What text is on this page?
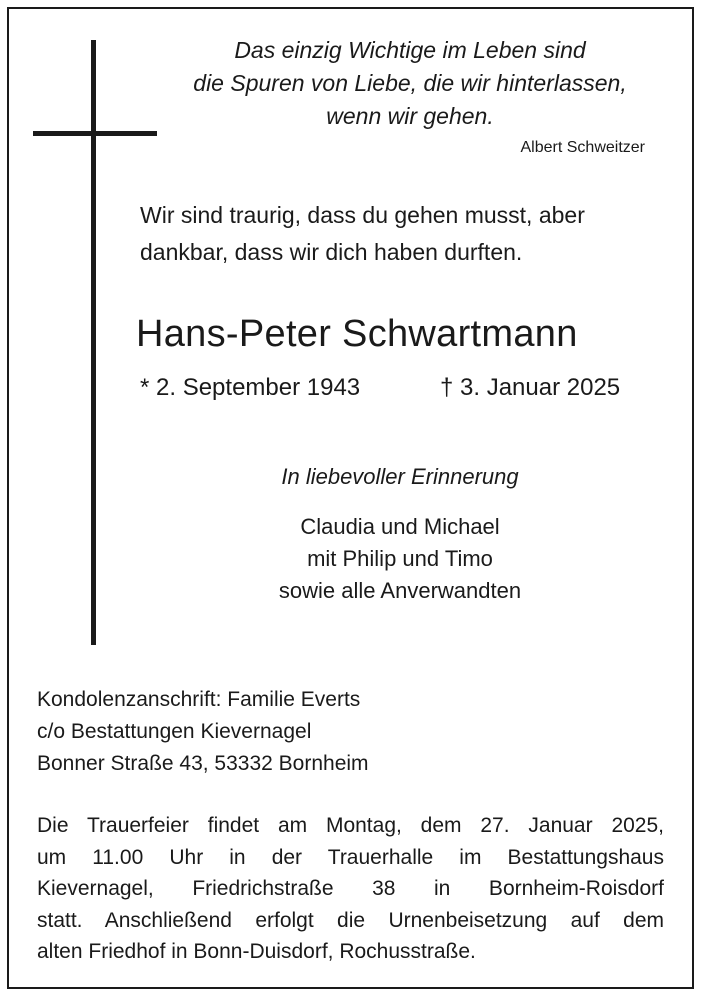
Das einzig Wichtige im Leben sind
die Spuren von Liebe, die wir hinterlassen,
wenn wir gehen.
Albert Schweitzer
Wir sind traurig, dass du gehen musst, aber
dankbar, dass wir dich haben durften.
Hans-Peter Schwartmann
* 2. September 1943	† 3. Januar 2025
In liebevoller Erinnerung
Claudia und Michael
mit Philip und Timo
sowie alle Anverwandten
Kondolenzanschrift: Familie Everts
c/o Bestattungen Kievernagel
Bonner Straße 43, 53332 Bornheim
Die Trauerfeier findet am Montag, dem 27. Januar 2025,
um 11.00 Uhr in der Trauerhalle im Bestattungshaus
Kievernagel, Friedrichstraße 38 in Bornheim-Roisdorf
statt. Anschließend erfolgt die Urnenbeisetzung auf dem
alten Friedhof in Bonn-Duisdorf, Rochusstraße.
